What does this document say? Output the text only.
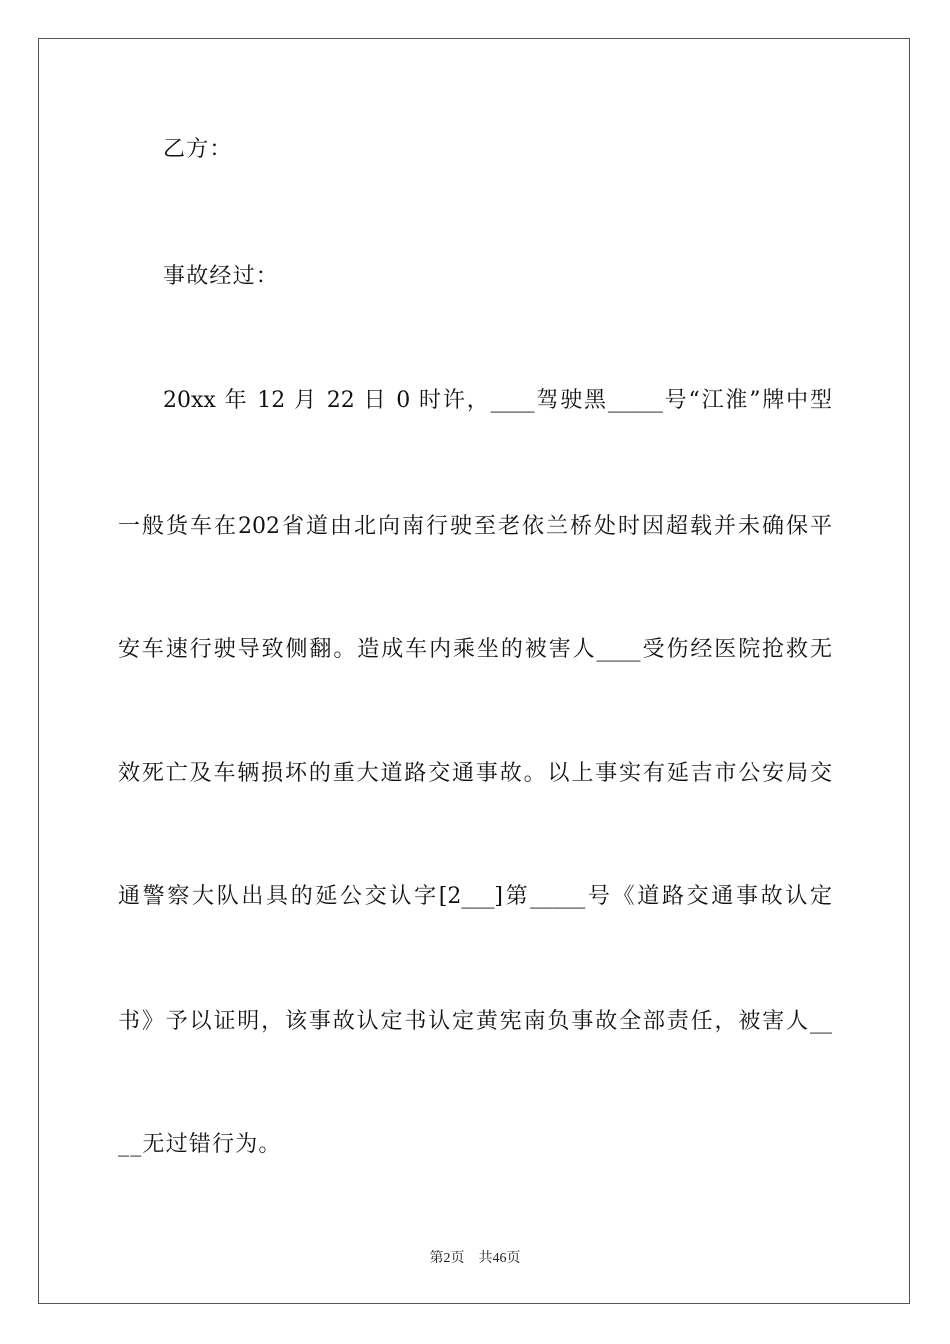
乙方：
事故经过：
20xx 年 12 月 22 日 0 时许，____驾驶黑_____号“江淮”牌中型
一般货车在202省道由北向南行驶至老依兰桥处时因超载并未确保平
安车速行驶导致侧翻。造成车内乘坐的被害人____受伤经医院抢救无
效死亡及车辆损坏的重大道路交通事故。以上事实有延吉市公安局交
通警察大队出具的延公交认字[2___]第_____号《道路交通事故认定
书》予以证明，该事故认定书认定黄宪南负事故全部责任，被害人__
__无过错行为。
第2页　共46页
